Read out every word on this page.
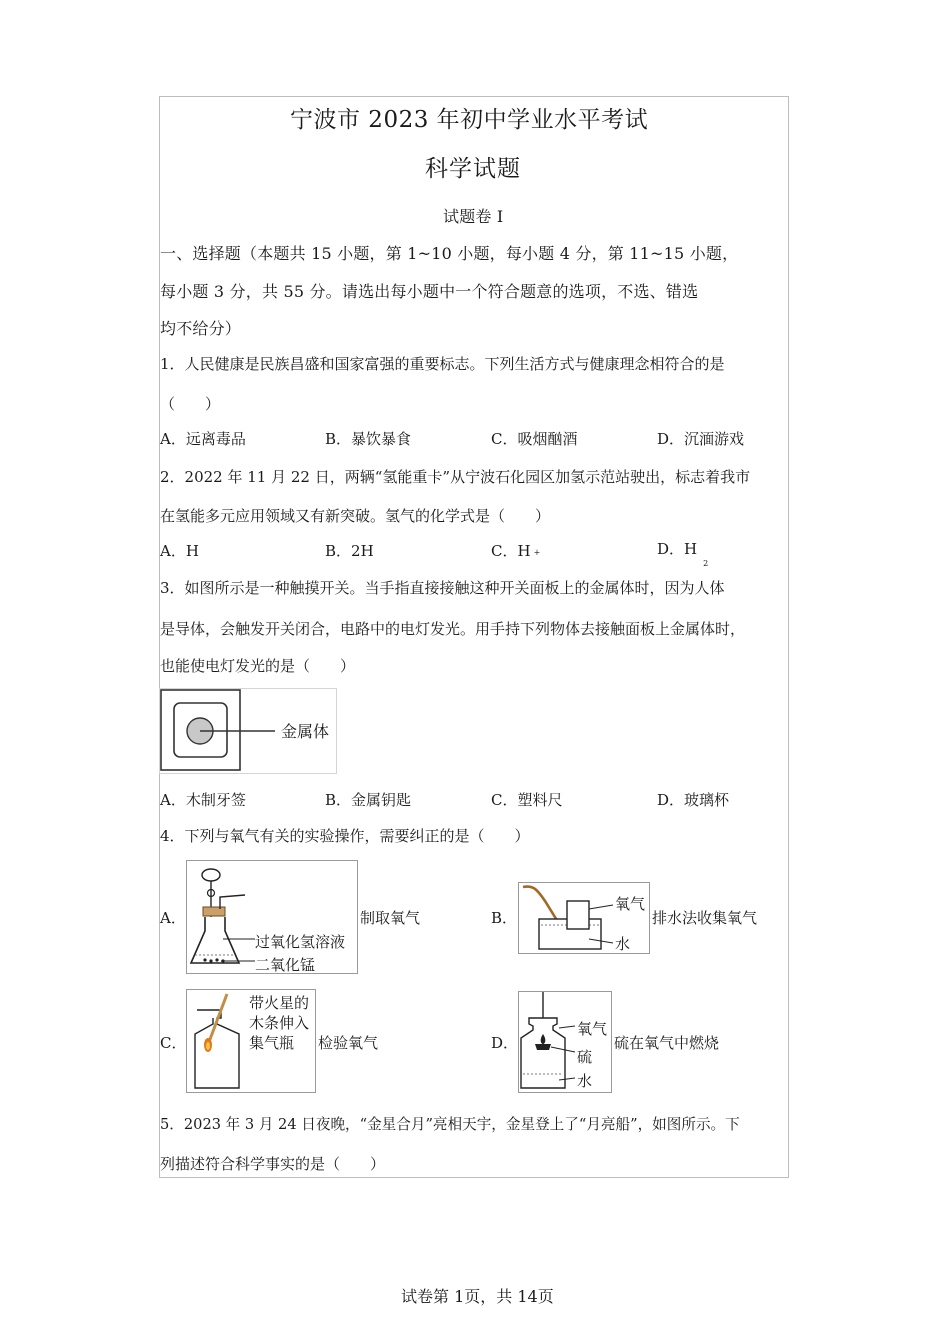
宁波市 2023 年初中学业水平考试
科学试题
试题卷 I
一、选择题（本题共 15 小题，第 1~10 小题，每小题 4 分，第 11~15 小题，
每小题 3 分，共 55 分。请选出每小题中一个符合题意的选项，不选、错选
均不给分）
1．人民健康是民族昌盛和国家富强的重要标志。下列生活方式与健康理念相符合的是
（　　）
A．远离毒品	B．暴饮暴食	C．吸烟酗酒	D．沉湎游戏
2．2022 年 11 月 22 日，两辆“氢能重卡”从宁波石化园区加氢示范站驶出，标志着我市
在氢能多元应用领域又有新突破。氢气的化学式是（　　）
A．H	B．2H	C．H +	D．$H_2$
3．如图所示是一种触摸开关。当手指直接接触这种开关面板上的金属体时，因为人体
是导体，会触发开关闭合，电路中的电灯发光。用手持下列物体去接触面板上金属体时，
也能使电灯发光的是（　　）
金属体
A．木制牙签	B．金属钥匙	C．塑料尺	D．玻璃杯
4．下列与氧气有关的实验操作，需要纠正的是（　　）
A．
过氧化氢溶液
二氧化锰
制取氧气	B．
氧气
水
排水法收集氧气
C．
带火星的
木条伸入
集气瓶 检验氧气	D．
氧气
硫
水
硫在氧气中燃烧
5．2023 年 3 月 24 日夜晚，“金星合月”亮相天宇，金星登上了“月亮船”，如图所示。下
列描述符合科学事实的是（　　）
试卷第 1页，共 14页
